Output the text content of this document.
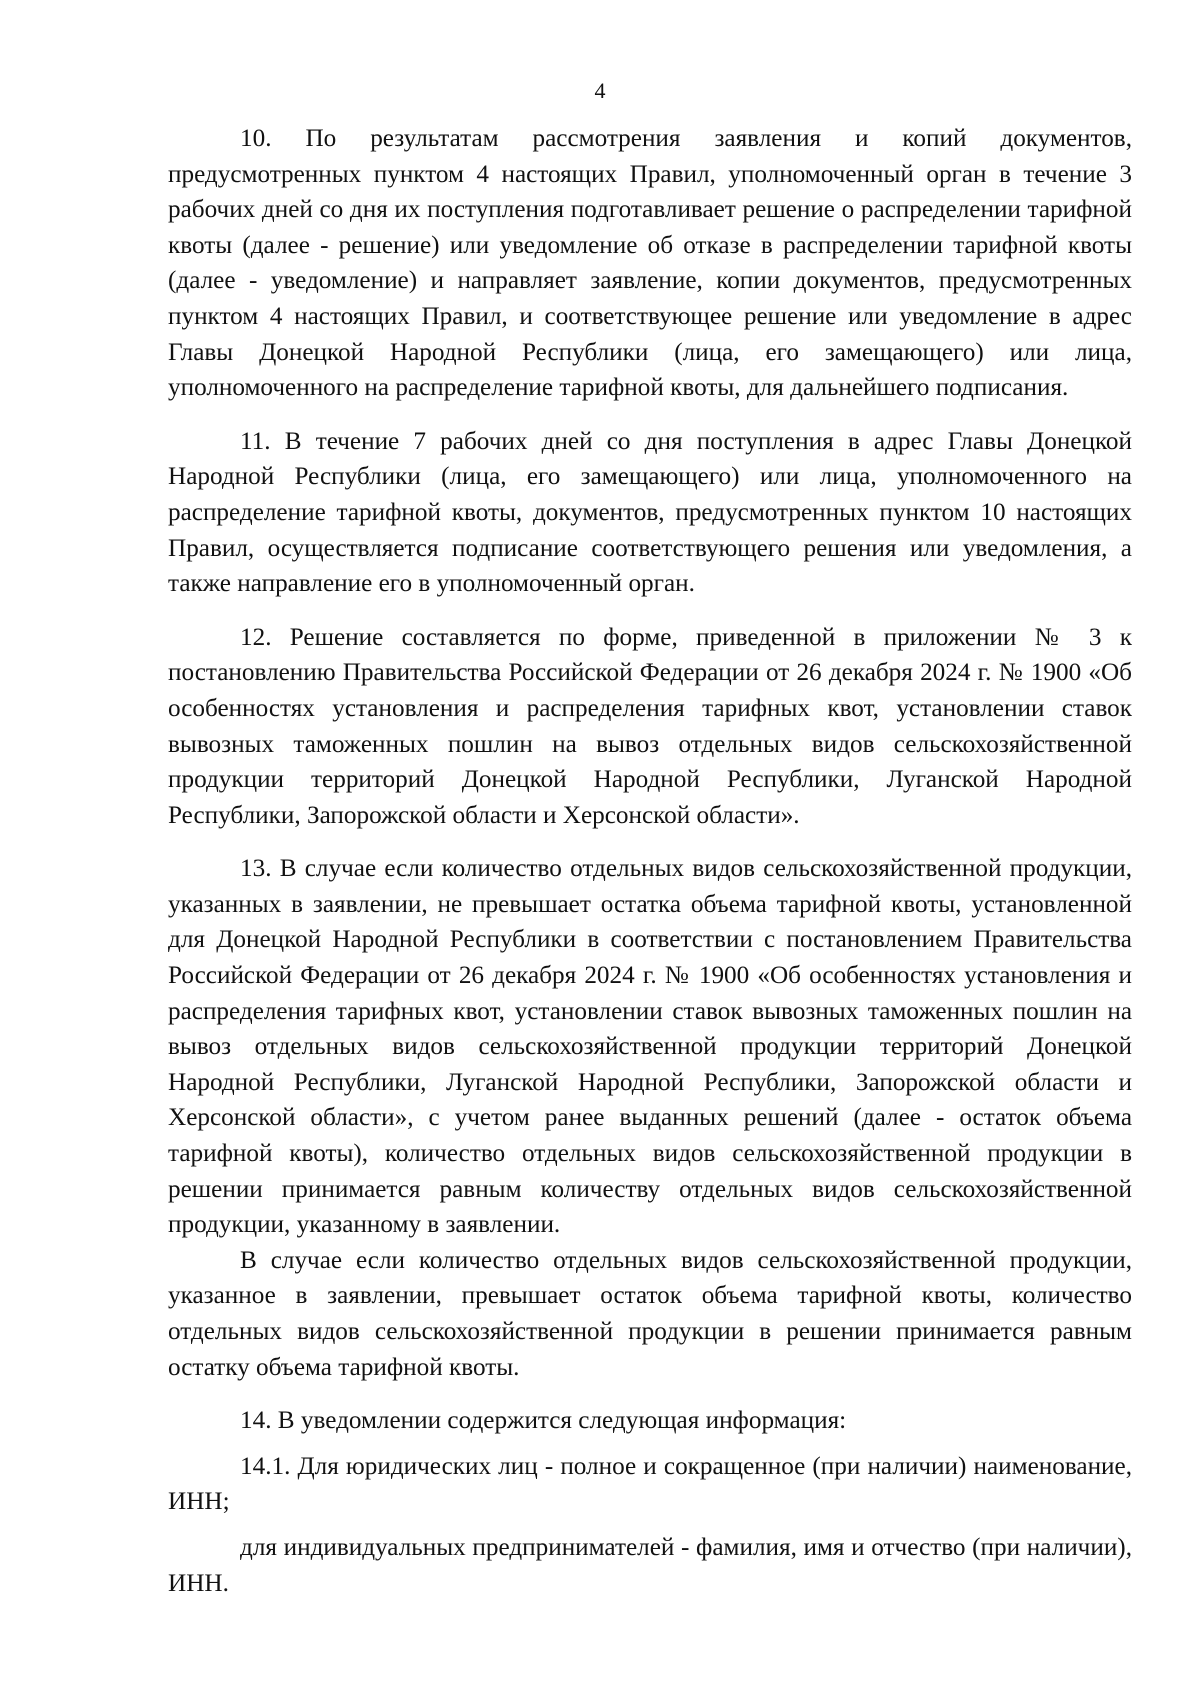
4

10. По результатам рассмотрения заявления и копий документов, предусмотренных пунктом 4 настоящих Правил, уполномоченный орган в течение 3 рабочих дней со дня их поступления подготавливает решение о распределении тарифной квоты (далее - решение) или уведомление об отказе в распределении тарифной квоты (далее - уведомление) и направляет заявление, копии документов, предусмотренных пунктом 4 настоящих Правил, и соответствующее решение или уведомление в адрес Главы Донецкой Народной Республики (лица, его замещающего) или лица, уполномоченного на распределение тарифной квоты, для дальнейшего подписания.

11. В течение 7 рабочих дней со дня поступления в адрес Главы Донецкой Народной Республики (лица, его замещающего) или лица, уполномоченного на распределение тарифной квоты, документов, предусмотренных пунктом 10 настоящих Правил, осуществляется подписание соответствующего решения или уведомления, а также направление его в уполномоченный орган.

12. Решение составляется по форме, приведенной в приложении № 3 к постановлению Правительства Российской Федерации от 26 декабря 2024 г. № 1900 «Об особенностях установления и распределения тарифных квот, установлении ставок вывозных таможенных пошлин на вывоз отдельных видов сельскохозяйственной продукции территорий Донецкой Народной Республики, Луганской Народной Республики, Запорожской области и Херсонской области».

13. В случае если количество отдельных видов сельскохозяйственной продукции, указанных в заявлении, не превышает остатка объема тарифной квоты, установленной для Донецкой Народной Республики в соответствии с постановлением Правительства Российской Федерации от 26 декабря 2024 г. № 1900 «Об особенностях установления и распределения тарифных квот, установлении ставок вывозных таможенных пошлин на вывоз отдельных видов сельскохозяйственной продукции территорий Донецкой Народной Республики, Луганской Народной Республики, Запорожской области и Херсонской области», с учетом ранее выданных решений (далее - остаток объема тарифной квоты), количество отдельных видов сельскохозяйственной продукции в решении принимается равным количеству отдельных видов сельскохозяйственной продукции, указанному в заявлении.

В случае если количество отдельных видов сельскохозяйственной продукции, указанное в заявлении, превышает остаток объема тарифной квоты, количество отдельных видов сельскохозяйственной продукции в решении принимается равным остатку объема тарифной квоты.

14. В уведомлении содержится следующая информация:

14.1. Для юридических лиц - полное и сокращенное (при наличии) наименование, ИНН;

для индивидуальных предпринимателей - фамилия, имя и отчество (при наличии), ИНН.
